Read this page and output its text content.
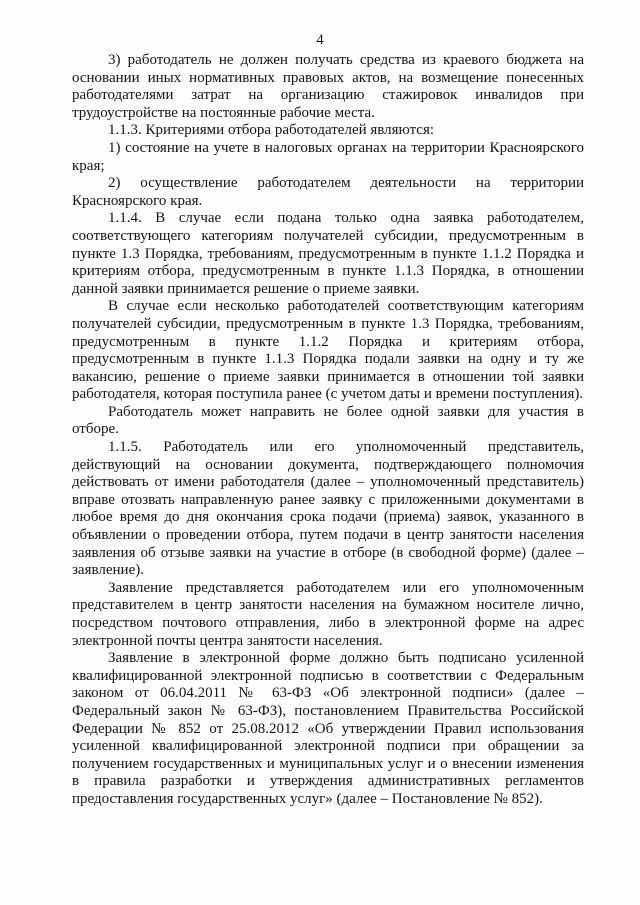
4

3) работодатель не должен получать средства из краевого бюджета на основании иных нормативных правовых актов, на возмещение понесенных работодателями затрат на организацию стажировок инвалидов при трудоустройстве на постоянные рабочие места.

1.1.3. Критериями отбора работодателей являются:

1) состояние на учете в налоговых органах на территории Красноярского края;

2) осуществление работодателем деятельности на территории Красноярского края.

1.1.4. В случае если подана только одна заявка работодателем, соответствующего категориям получателей субсидии, предусмотренным в пункте 1.3 Порядка, требованиям, предусмотренным в пункте 1.1.2 Порядка и критериям отбора, предусмотренным в пункте 1.1.3 Порядка, в отношении данной заявки принимается решение о приеме заявки.

В случае если несколько работодателей соответствующим категориям получателей субсидии, предусмотренным в пункте 1.3 Порядка, требованиям, предусмотренным в пункте 1.1.2 Порядка и критериям отбора, предусмотренным в пункте 1.1.3 Порядка подали заявки на одну и ту же вакансию, решение о приеме заявки принимается в отношении той заявки работодателя, которая поступила ранее (с учетом даты и времени поступления).

Работодатель может направить не более одной заявки для участия в отборе.

1.1.5. Работодатель или его уполномоченный представитель, действующий на основании документа, подтверждающего полномочия действовать от имени работодателя (далее – уполномоченный представитель) вправе отозвать направленную ранее заявку с приложенными документами в любое время до дня окончания срока подачи (приема) заявок, указанного в объявлении о проведении отбора, путем подачи в центр занятости населения заявления об отзыве заявки на участие в отборе (в свободной форме) (далее – заявление).

Заявление представляется работодателем или его уполномоченным представителем в центр занятости населения на бумажном носителе лично, посредством почтового отправления, либо в электронной форме на адрес электронной почты центра занятости населения.

Заявление в электронной форме должно быть подписано усиленной квалифицированной электронной подписью в соответствии с Федеральным законом от 06.04.2011 № 63-ФЗ «Об электронной подписи» (далее – Федеральный закон № 63-ФЗ), постановлением Правительства Российской Федерации № 852 от 25.08.2012 «Об утверждении Правил использования усиленной квалифицированной электронной подписи при обращении за получением государственных и муниципальных услуг и о внесении изменения в правила разработки и утверждения административных регламентов предоставления государственных услуг» (далее – Постановление № 852).
